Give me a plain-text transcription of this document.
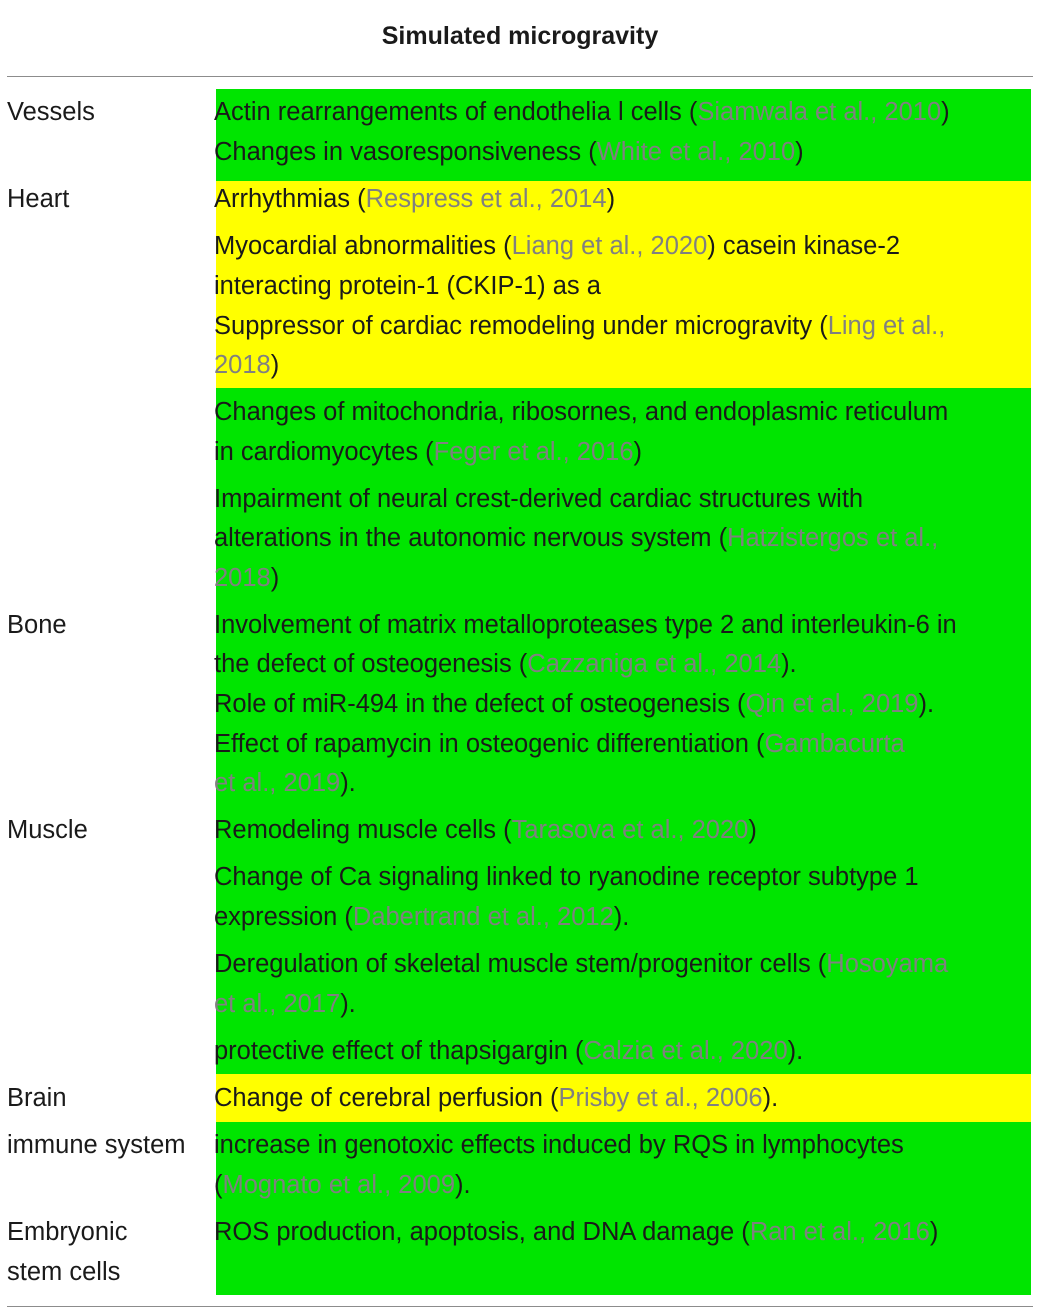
Simulated microgravity
Vessels
Heart
Bone
Muscle
Brain
immune system
Embryonic
stem cells
Actin rearrangements of endothelia l cells (Siamwala et al., 2010)
Changes in vasoresponsiveness (White et al., 2010)
Arrhythmias (Respress et al., 2014)
Myocardial abnormalities (Liang et al., 2020) casein kinase-2
interacting protein-1 (CKIP-1) as a
Suppressor of cardiac remodeling under microgravity (Ling et al.,
2018)
Changes of mitochondria, ribosornes, and endoplasmic reticulum
in cardiomyocytes (Feger et al., 2016)
Impairment of neural crest-derived cardiac structures with
alterations in the autonomic nervous system (Hatzistergos et al.,
2018)
Involvement of matrix metalloproteases type 2 and interleukin-6 in
the defect of osteogenesis (Cazzaniga et al., 2014).
Role of miR-494 in the defect of osteogenesis (Qin et al., 2019).
Effect of rapamycin in osteogenic differentiation (Gambacurta
et al., 2019).
Remodeling muscle cells (Tarasova et al., 2020)
Change of Ca signaling linked to ryanodine receptor subtype 1
expression (Dabertrand et al., 2012).
Deregulation of skeletal muscle stem/progenitor cells (Hosoyama
et al., 2017).
protective effect of thapsigargin (Calzia et al., 2020).
Change of cerebral perfusion (Prisby et al., 2006).
increase in genotoxic effects induced by RQS in lymphocytes
(Mognato et al., 2009).
ROS production, apoptosis, and DNA damage (Ran et al., 2016)
